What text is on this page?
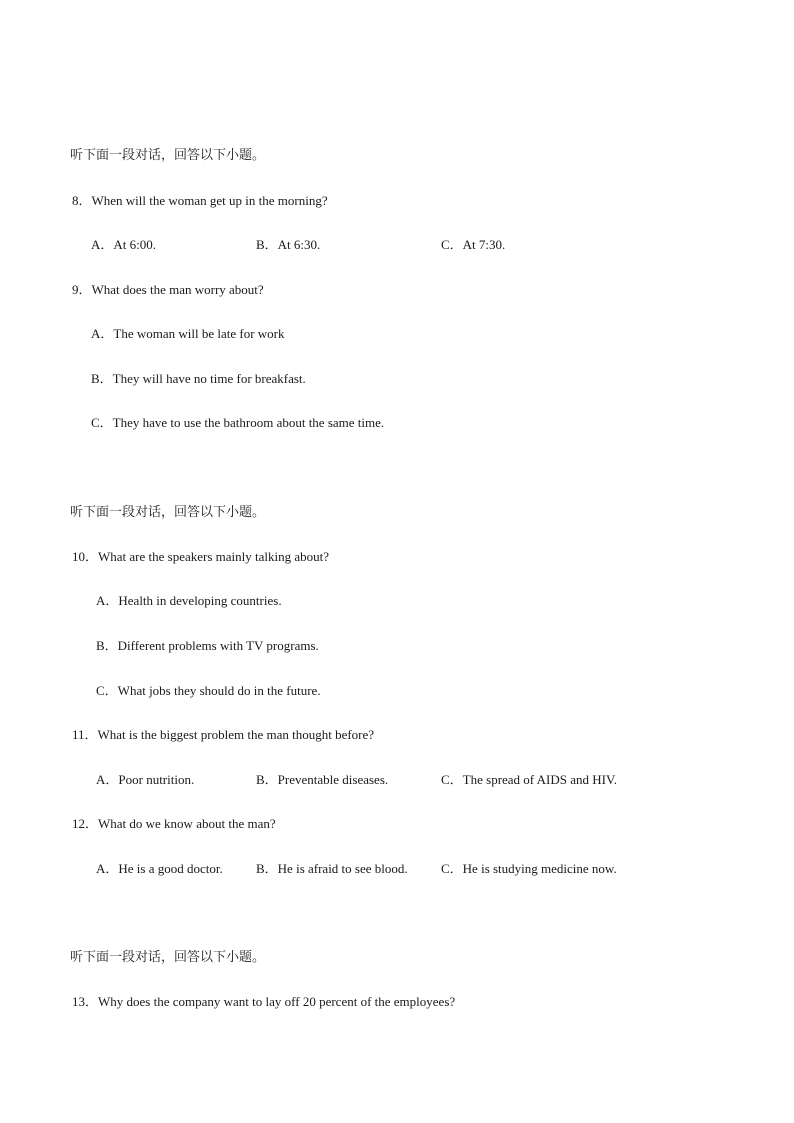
听下面一段对话，回答以下小题。
8．When will the woman get up in the morning?
A．At 6:00.	B．At 6:30.	C．At 7:30.
9．What does the man worry about?
A．The woman will be late for work
B．They will have no time for breakfast.
C．They have to use the bathroom about the same time.
听下面一段对话，回答以下小题。
10．What are the speakers mainly talking about?
A．Health in developing countries.
B．Different problems with TV programs.
C．What jobs they should do in the future.
11．What is the biggest problem the man thought before?
A．Poor nutrition.	B．Preventable diseases.	C．The spread of AIDS and HIV.
12．What do we know about the man?
A．He is a good doctor.	B．He is afraid to see blood.	C．He is studying medicine now.
听下面一段对话，回答以下小题。
13．Why does the company want to lay off 20 percent of the employees?
